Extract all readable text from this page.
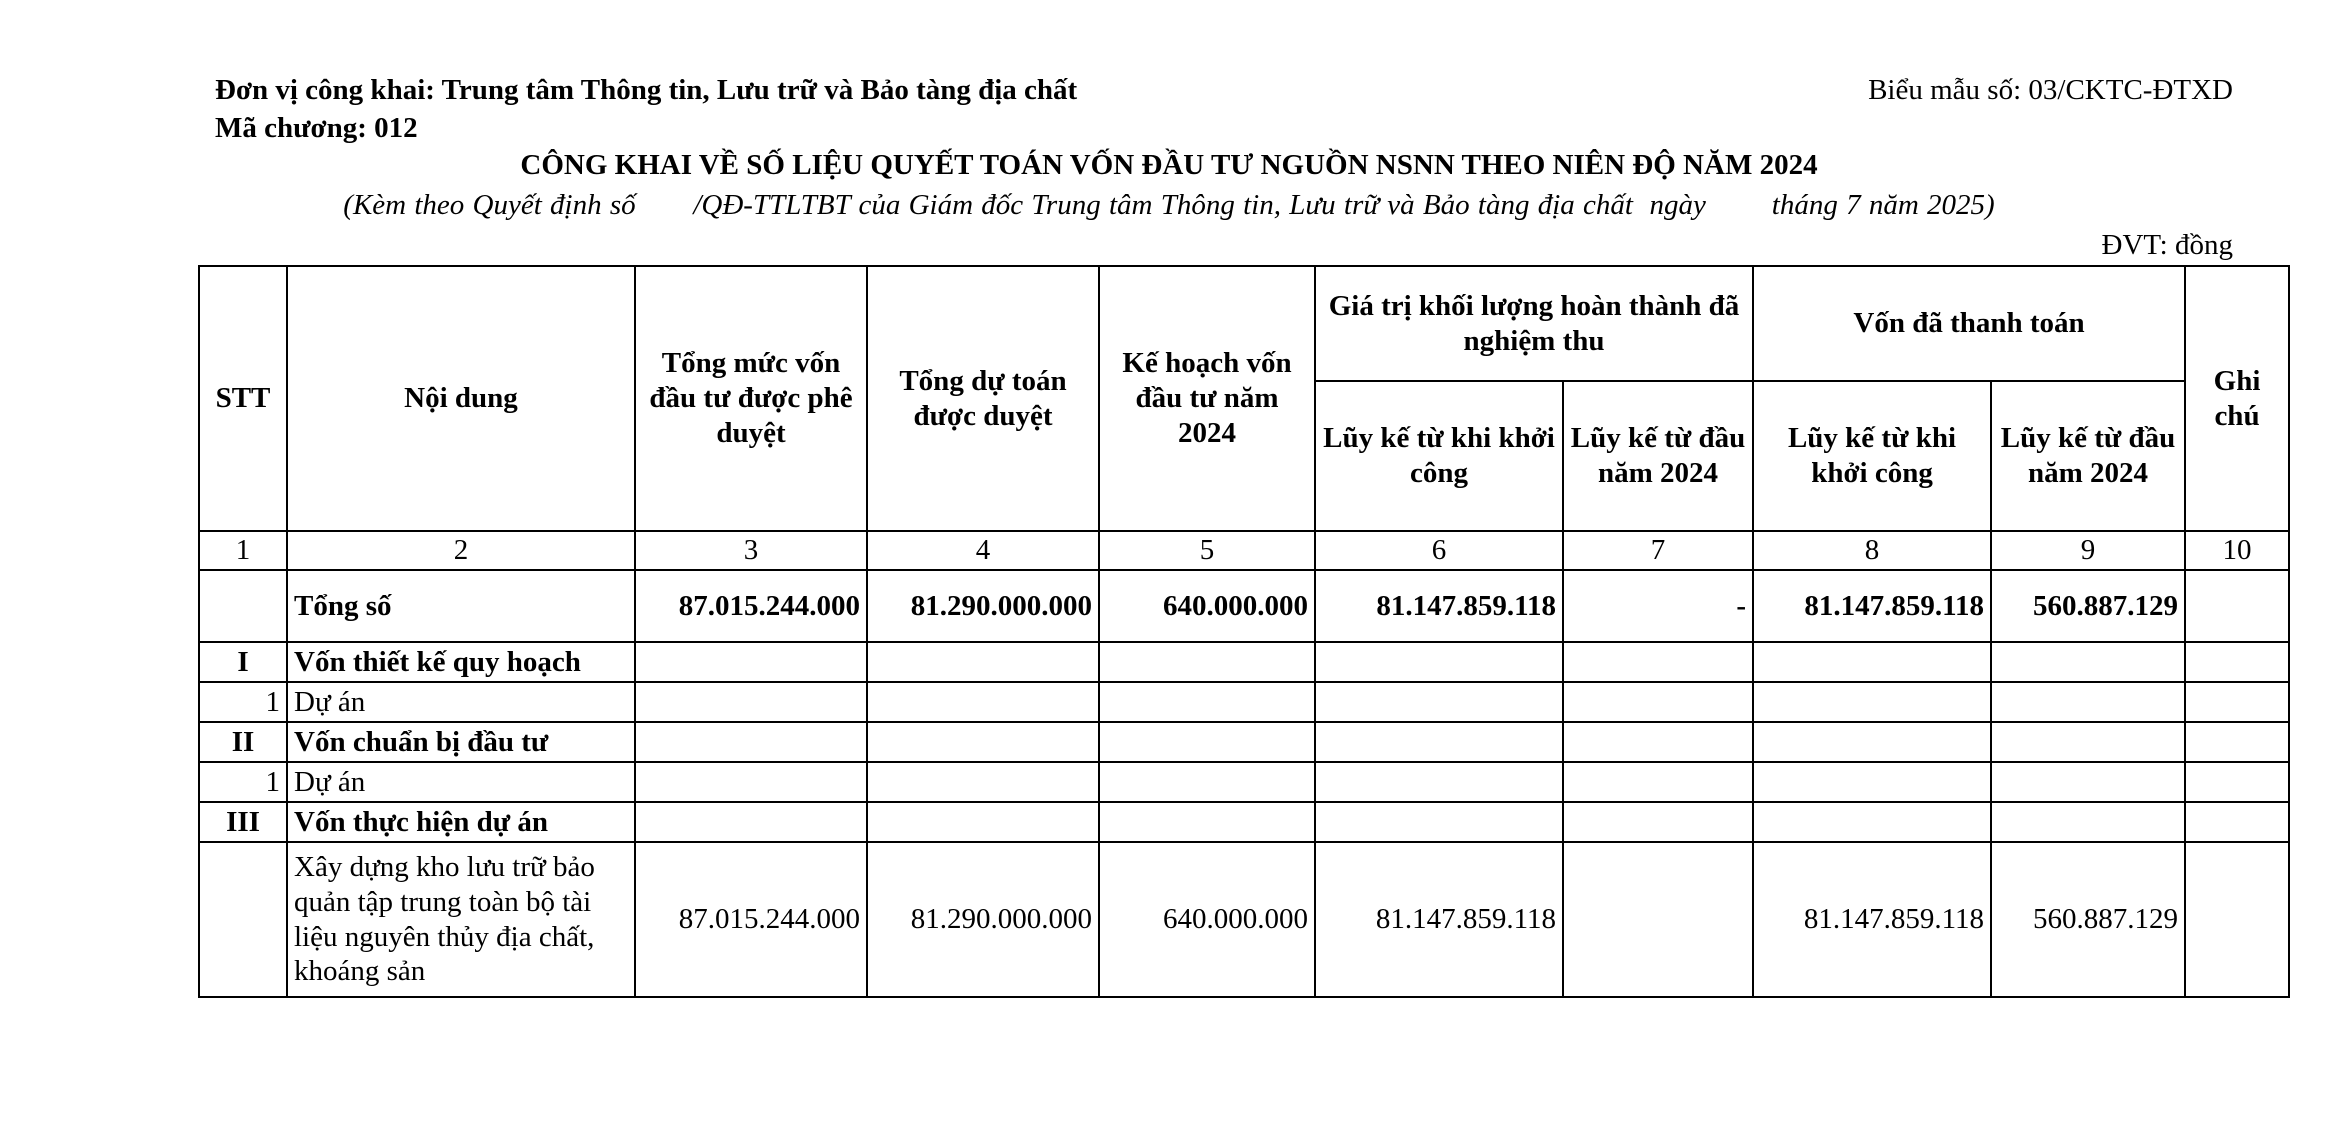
Đơn vị công khai: Trung tâm Thông tin, Lưu trữ và Bảo tàng địa chất	Biểu mẫu số: 03/CKTC-ĐTXD
Mã chương: 012
CÔNG KHAI VỀ SỐ LIỆU QUYẾT TOÁN VỐN ĐẦU TƯ NGUỒN NSNN THEO NIÊN ĐỘ NĂM 2024
(Kèm theo Quyết định số       /QĐ-TTLTBT của Giám đốc Trung tâm Thông tin, Lưu trữ và Bảo tàng địa chất  ngày        tháng 7 năm 2025)
ĐVT: đồng
STT	Nội dung	Tổng mức vốn đầu tư được phê duyệt	Tổng dự toán được duyệt	Kế hoạch vốn đầu tư năm 2024	Giá trị khối lượng hoàn thành đã nghiệm thu		Vốn đã thanh toán		Ghi chú
					Lũy kế từ khi khởi công	Lũy kế từ đầu năm 2024	Lũy kế từ khi khởi công	Lũy kế từ đầu năm 2024	
1	2	3	4	5	6	7	8	9	10
	Tổng số	87.015.244.000	81.290.000.000	640.000.000	81.147.859.118	-	81.147.859.118	560.887.129	
I	Vốn thiết kế quy hoạch								
1	Dự án								
II	Vốn chuẩn bị đầu tư								
1	Dự án								
III	Vốn thực hiện dự án								
	Xây dựng kho lưu trữ bảo quản tập trung toàn bộ tài liệu nguyên thủy địa chất, khoáng sản	87.015.244.000	81.290.000.000	640.000.000	81.147.859.118		81.147.859.118	560.887.129	
